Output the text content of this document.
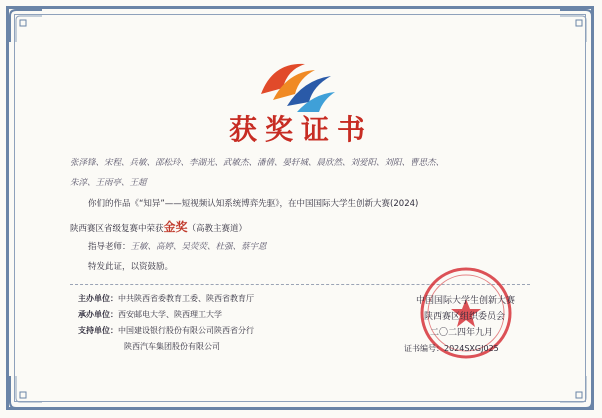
获奖证书
张泽锋、宋程、兵敏、邵松玲、李湖光、武敏杰、潘倩、晏轩城、晨欣然、刘爱阳、刘阳、曹思杰、
朱淳、王雨亭、王超
你们的作品《“知异”——短视频认知系统博弈先驱》，在中国国际大学生创新大赛(2024)
陕西赛区省级复赛中荣获金奖（高教主赛道）
指导老师：王敏、高婷、吴荧荧、杜强、蔡宇恩
特发此证，以资鼓励。
主办单位：中共陕西省委教育工委、陕西省教育厅
承办单位：西安邮电大学、陕西理工大学
支持单位：中国建设银行股份有限公司陕西省分行
陕西汽车集团股份有限公司
中国国际大学生创新大赛
陕西赛区组织委员会
二〇二四年九月
证书编号：2024SXGJ025
